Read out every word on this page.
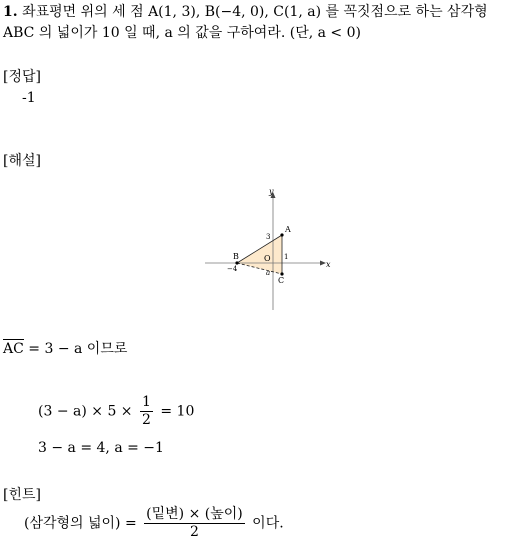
1. 좌표평면 위의 세 점 A(1, 3), B(−4, 0), C(1, a) 를 꼭짓점으로 하는 삼각형
ABC 의 넓이가 10 일 때, a 의 값을 구하여라. (단, a < 0)
[정답]
-1
[해설]
x
y
O
A
B
C
3
−4
1
a
AC = 3 − a 이므로
$(3 - a) \times 5 \times \frac{1}{2} = 10$
3 − a = 4, a = −1
[힌트]
(삼각형의 넓이) = $\frac{\text{(밑변) × (높이)}}{2}$ 이다.
